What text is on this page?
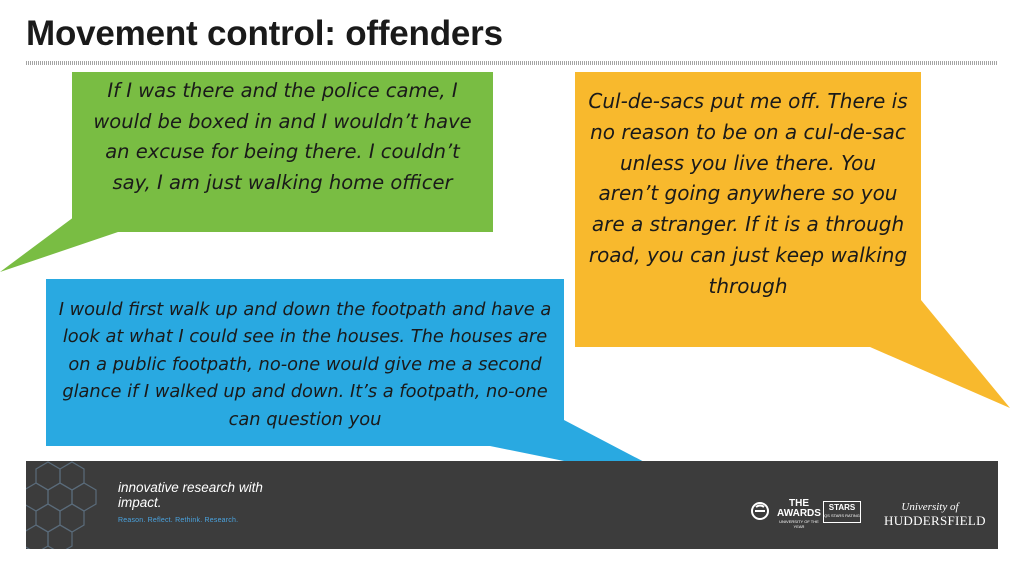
Movement control: offenders
If I was there and the police came, I would be boxed in and I wouldn’t have an excuse for being there. I couldn’t say, I am just walking home officer
Cul-de-sacs put me off. There is no reason to be on a cul-de-sac unless you live there. You aren’t going anywhere so you are a stranger. If it is a through road, you can just keep walking through
I would first walk up and down the footpath and have a look at what I could see in the houses. The houses are on a public footpath, no-one would give me a second glance if I walked up and down. It’s a footpath, no-one can question you
innovative research with impact.
Reason. Reflect. Rethink. Research.
THE AWARDS
UNIVERSITY OF THE YEAR
STARS
QS STARS RATING
University of
HUDDERSFIELD
